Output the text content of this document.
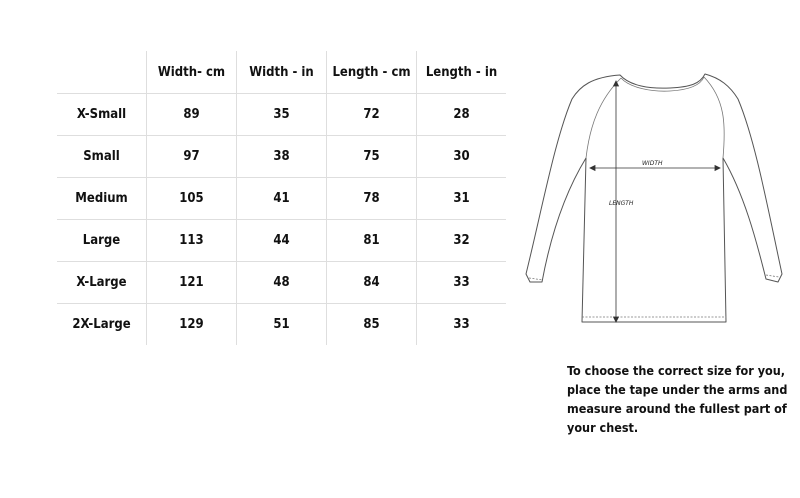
	Width- cm	Width - in	Length - cm	Length - in
X-Small	89	35	72	28
Small	97	38	75	30
Medium	105	41	78	31
Large	113	44	81	32
X-Large	121	48	84	33
2X-Large	129	51	85	33
WIDTH
LENGTH

To choose the correct size for you,
place the tape under the arms and
measure around the fullest part of
your chest.
